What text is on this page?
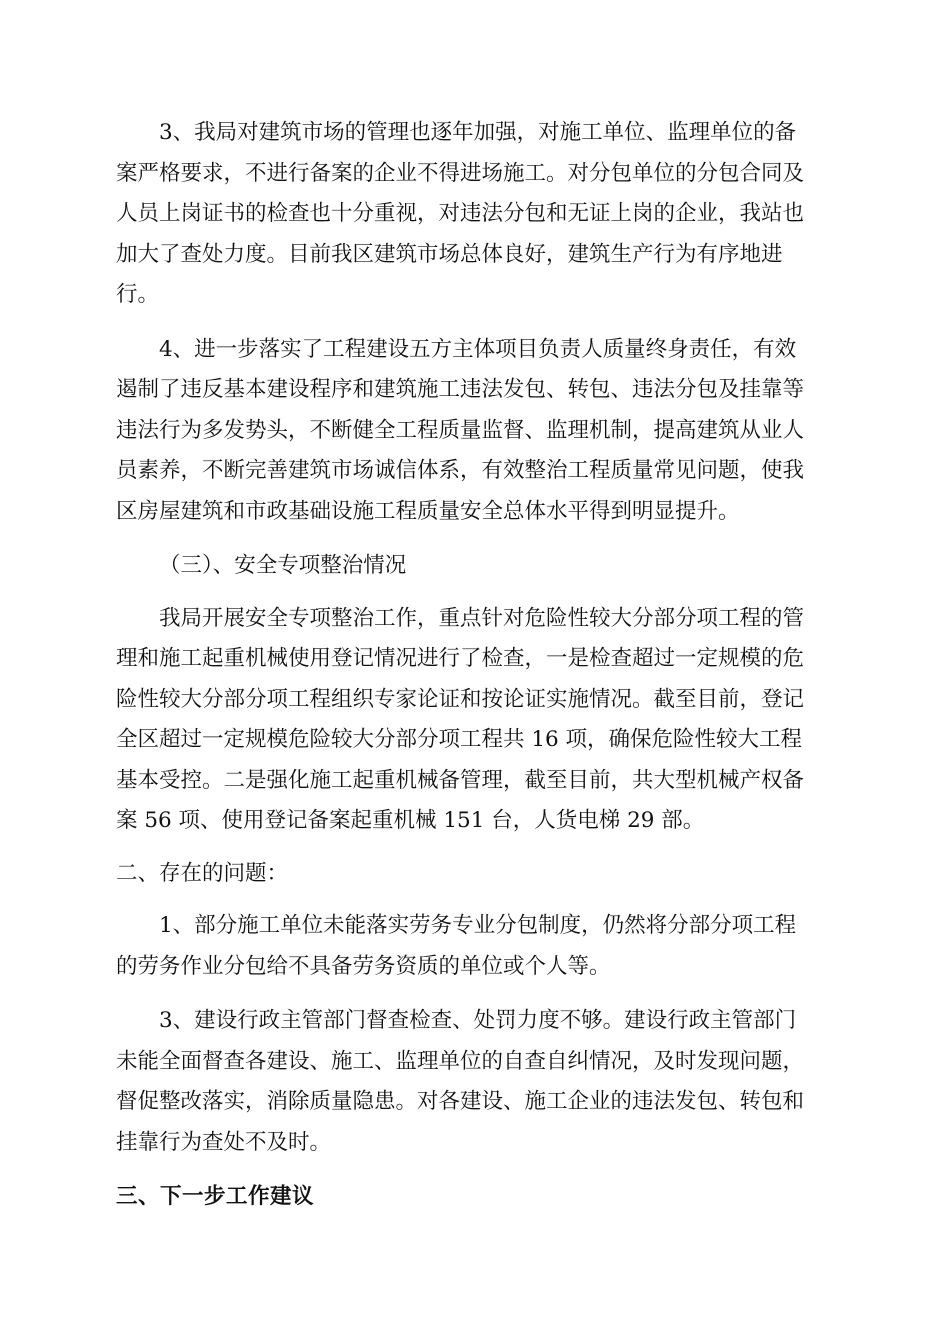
3、我局对建筑市场的管理也逐年加强，对施工单位、监理单位的备
案严格要求，不进行备案的企业不得进场施工。对分包单位的分包合同及
人员上岗证书的检查也十分重视，对违法分包和无证上岗的企业，我站也
加大了查处力度。目前我区建筑市场总体良好，建筑生产行为有序地进
行。

4、进一步落实了工程建设五方主体项目负责人质量终身责任，有效
遏制了违反基本建设程序和建筑施工违法发包、转包、违法分包及挂靠等
违法行为多发势头，不断健全工程质量监督、监理机制，提高建筑从业人
员素养，不断完善建筑市场诚信体系，有效整治工程质量常见问题，使我
区房屋建筑和市政基础设施工程质量安全总体水平得到明显提升。

（三）、安全专项整治情况

我局开展安全专项整治工作，重点针对危险性较大分部分项工程的管
理和施工起重机械使用登记情况进行了检查，一是检查超过一定规模的危
险性较大分部分项工程组织专家论证和按论证实施情况。截至目前，登记
全区超过一定规模危险较大分部分项工程共 16 项，确保危险性较大工程
基本受控。二是强化施工起重机械备管理，截至目前，共大型机械产权备
案 56 项、使用登记备案起重机械 151 台，人货电梯 29 部。

二、存在的问题：

1、部分施工单位未能落实劳务专业分包制度，仍然将分部分项工程
的劳务作业分包给不具备劳务资质的单位或个人等。

3、建设行政主管部门督查检查、处罚力度不够。建设行政主管部门
未能全面督查各建设、施工、监理单位的自查自纠情况，及时发现问题，
督促整改落实，消除质量隐患。对各建设、施工企业的违法发包、转包和
挂靠行为查处不及时。

三、下一步工作建议
